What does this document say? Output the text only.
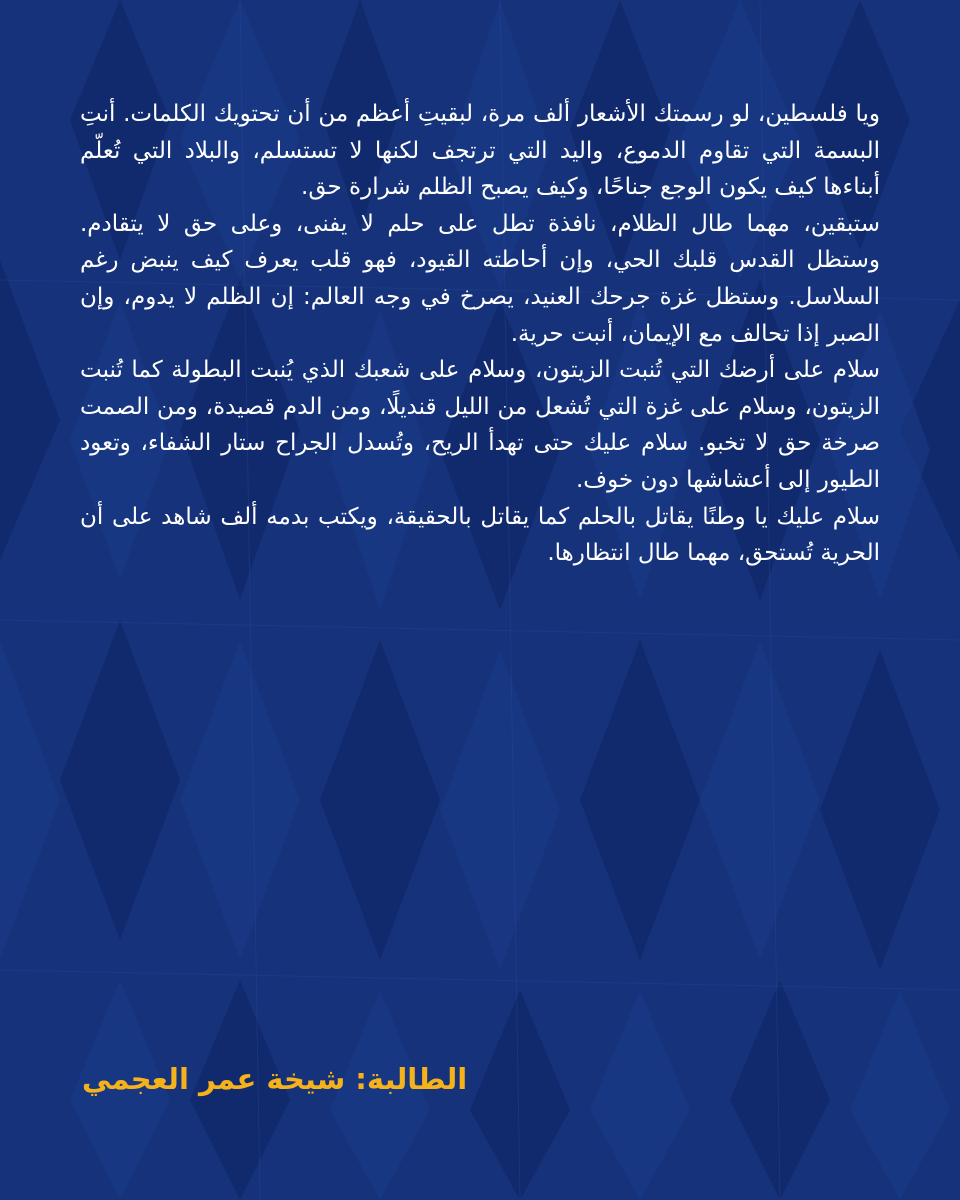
ويا فلسطين، لو رسمتك الأشعار ألف مرة، لبقيتِ أعظم من أن تحتويك الكلمات. أنتِ البسمة التي تقاوم الدموع، واليد التي ترتجف لكنها لا تستسلم، والبلاد التي تُعلّم أبناءها كيف يكون الوجع جناحًا، وكيف يصبح الظلم شرارة حق.

ستبقين، مهما طال الظلام، نافذة تطل على حلم لا يفنى، وعلى حق لا يتقادم. وستظل القدس قلبك الحي، وإن أحاطته القيود، فهو قلب يعرف كيف ينبض رغم السلاسل. وستظل غزة جرحك العنيد، يصرخ في وجه العالم: إن الظلم لا يدوم، وإن الصبر إذا تحالف مع الإيمان، أنبت حرية.

سلام على أرضك التي تُنبت الزيتون، وسلام على شعبك الذي يُنبت البطولة كما تُنبت الزيتون، وسلام على غزة التي تُشعل من الليل قنديلًا، ومن الدم قصيدة، ومن الصمت صرخة حق لا تخبو. سلام عليك حتى تهدأ الريح، وتُسدل الجراح ستار الشفاء، وتعود الطيور إلى أعشاشها دون خوف.

سلام عليك يا وطنًا يقاتل بالحلم كما يقاتل بالحقيقة، ويكتب بدمه ألف شاهد على أن الحرية تُستحق، مهما طال انتظارها.

الطالبة: شيخة عمر العجمي
